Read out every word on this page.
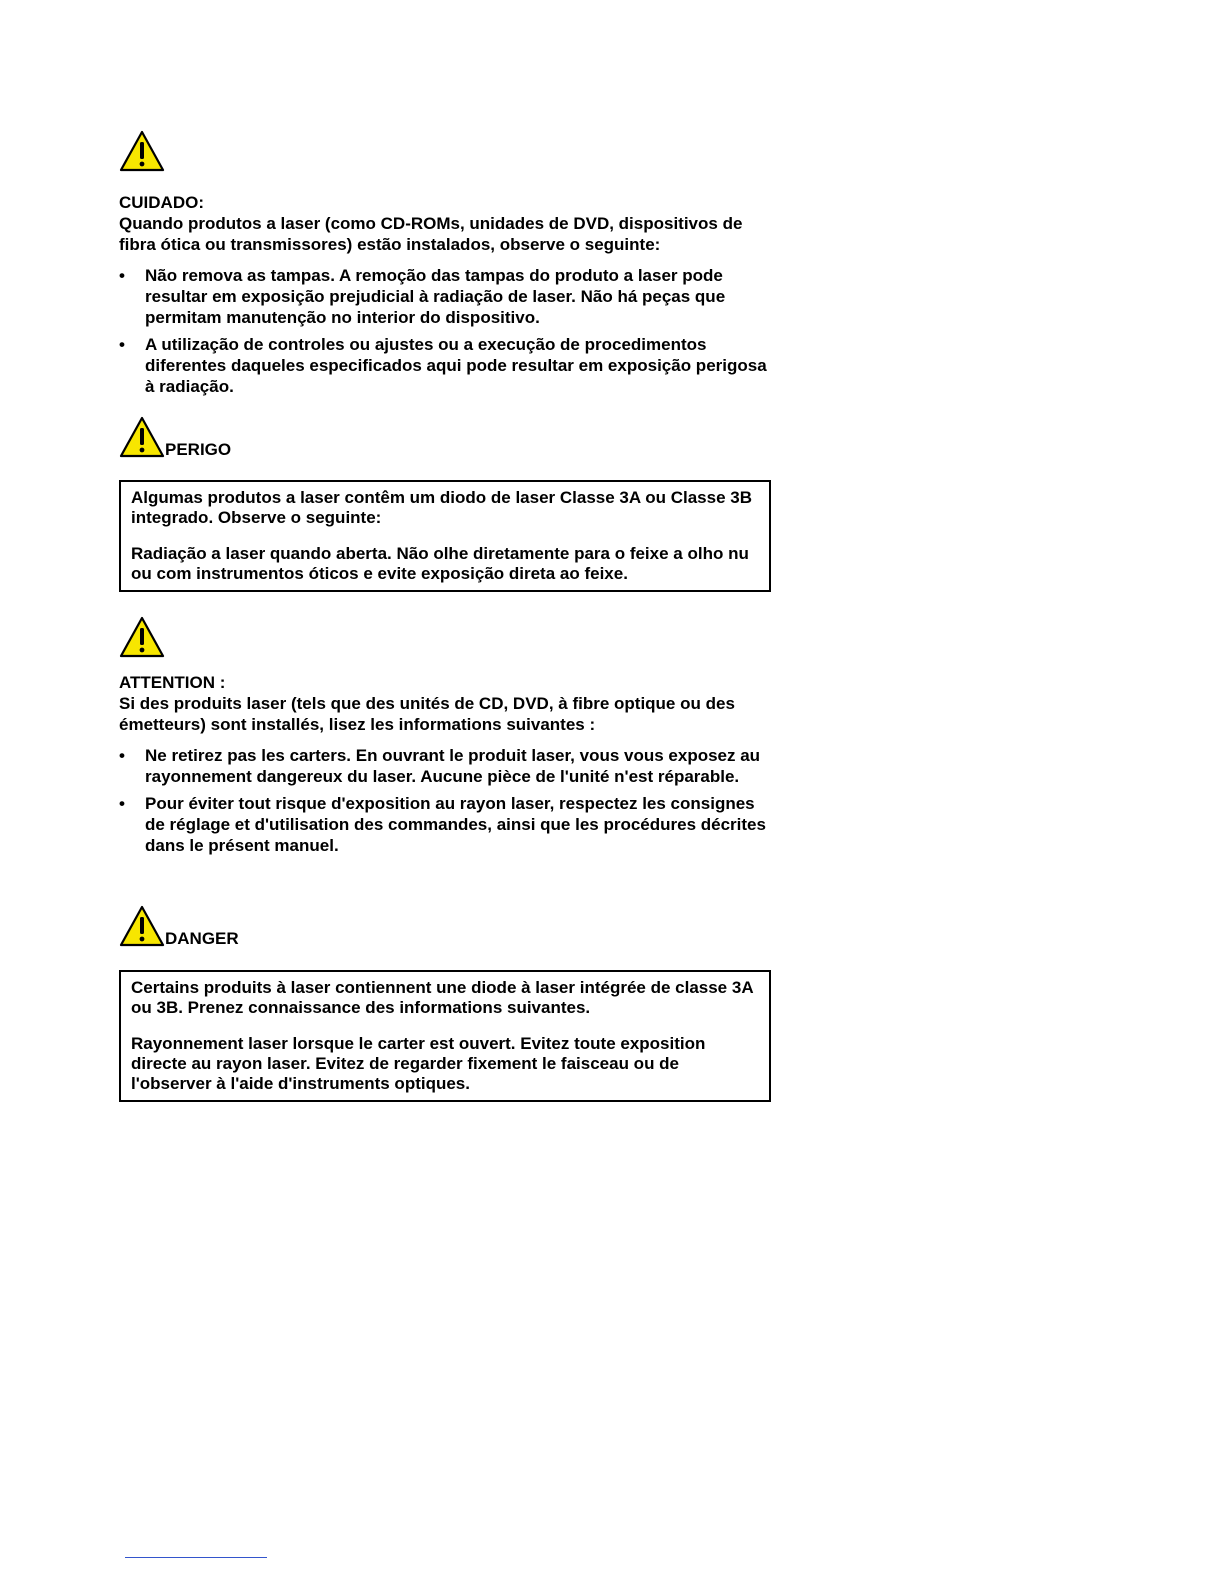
CUIDADO:

Quando produtos a laser (como CD-ROMs, unidades de DVD, dispositivos de fibra ótica ou transmissores) estão instalados, observe o seguinte:

• Não remova as tampas. A remoção das tampas do produto a laser pode resultar em exposição prejudicial à radiação de laser. Não há peças que permitam manutenção no interior do dispositivo.
• A utilização de controles ou ajustes ou a execução de procedimentos diferentes daqueles especificados aqui pode resultar em exposição perigosa à radiação.
PERIGO

Algumas produtos a laser contêm um diodo de laser Classe 3A ou Classe 3B integrado. Observe o seguinte:

Radiação a laser quando aberta. Não olhe diretamente para o feixe a olho nu ou com instrumentos óticos e evite exposição direta ao feixe.

ATTENTION :

Si des produits laser (tels que des unités de CD, DVD, à fibre optique ou des émetteurs) sont installés, lisez les informations suivantes :

• Ne retirez pas les carters. En ouvrant le produit laser, vous vous exposez au rayonnement dangereux du laser. Aucune pièce de l'unité n'est réparable.
• Pour éviter tout risque d'exposition au rayon laser, respectez les consignes de réglage et d'utilisation des commandes, ainsi que les procédures décrites dans le présent manuel.
DANGER

Certains produits à laser contiennent une diode à laser intégrée de classe 3A ou 3B. Prenez connaissance des informations suivantes.

Rayonnement laser lorsque le carter est ouvert. Evitez toute exposition directe au rayon laser. Evitez de regarder fixement le faisceau ou de l'observer à l'aide d'instruments optiques.
